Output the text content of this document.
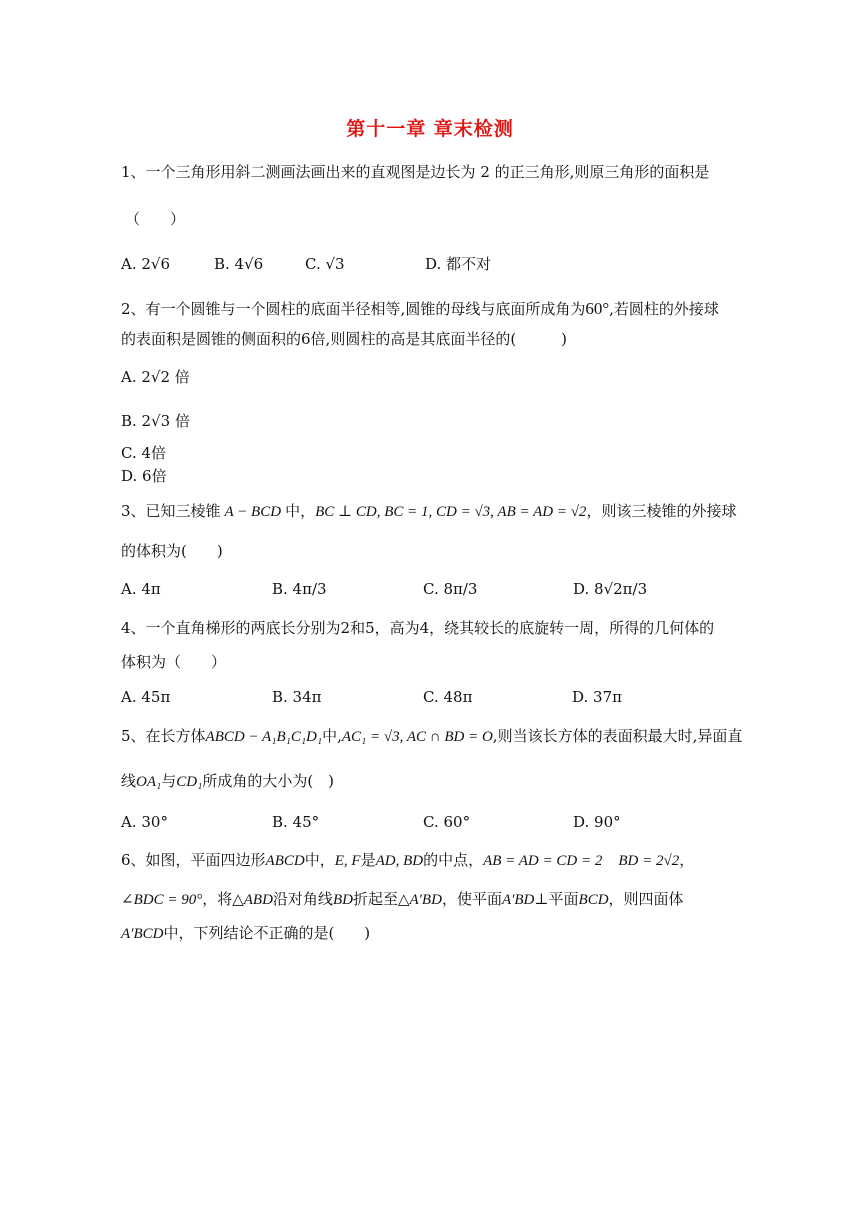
第十一章 章末检测
1、一个三角形用斜二测画法画出来的直观图是边长为 2 的正三角形,则原三角形的面积是
（　　）
A. 2√6	B. 4√6	C. √3	D. 都不对
2、有一个圆锥与一个圆柱的底面半径相等,圆锥的母线与底面所成角为60°,若圆柱的外接球
的表面积是圆锥的侧面积的6倍,则圆柱的高是其底面半径的(　　　)
A. 2√2 倍
B. 2√3 倍
C. 4倍
D. 6倍
3、已知三棱锥 A − BCD 中，BC ⊥ CD, BC = 1, CD = √3, AB = AD = √2，则该三棱锥的外接球
的体积为(　　)
A. 4π	B. 4π/3	C. 8π/3	D. 8√2π/3
4、一个直角梯形的两底长分别为2和5，高为4，绕其较长的底旋转一周，所得的几何体的
体积为（　　）
A. 45π	B. 34π	C. 48π	D. 37π
5、在长方体ABCD − A₁B₁C₁D₁中,AC₁ = √3, AC ∩ BD = O,则当该长方体的表面积最大时,异面直
线OA₁与CD₁所成角的大小为(　)
A. 30°	B. 45°	C. 60°	D. 90°
6、如图，平面四边形ABCD中，E, F是AD, BD的中点，AB = AD = CD = 2 BD = 2√2，
∠BDC = 90°，将△ABD沿对角线BD折起至△A′BD，使平面A′BD⊥平面BCD，则四面体
A′BCD中，下列结论不正确的是(　　)
